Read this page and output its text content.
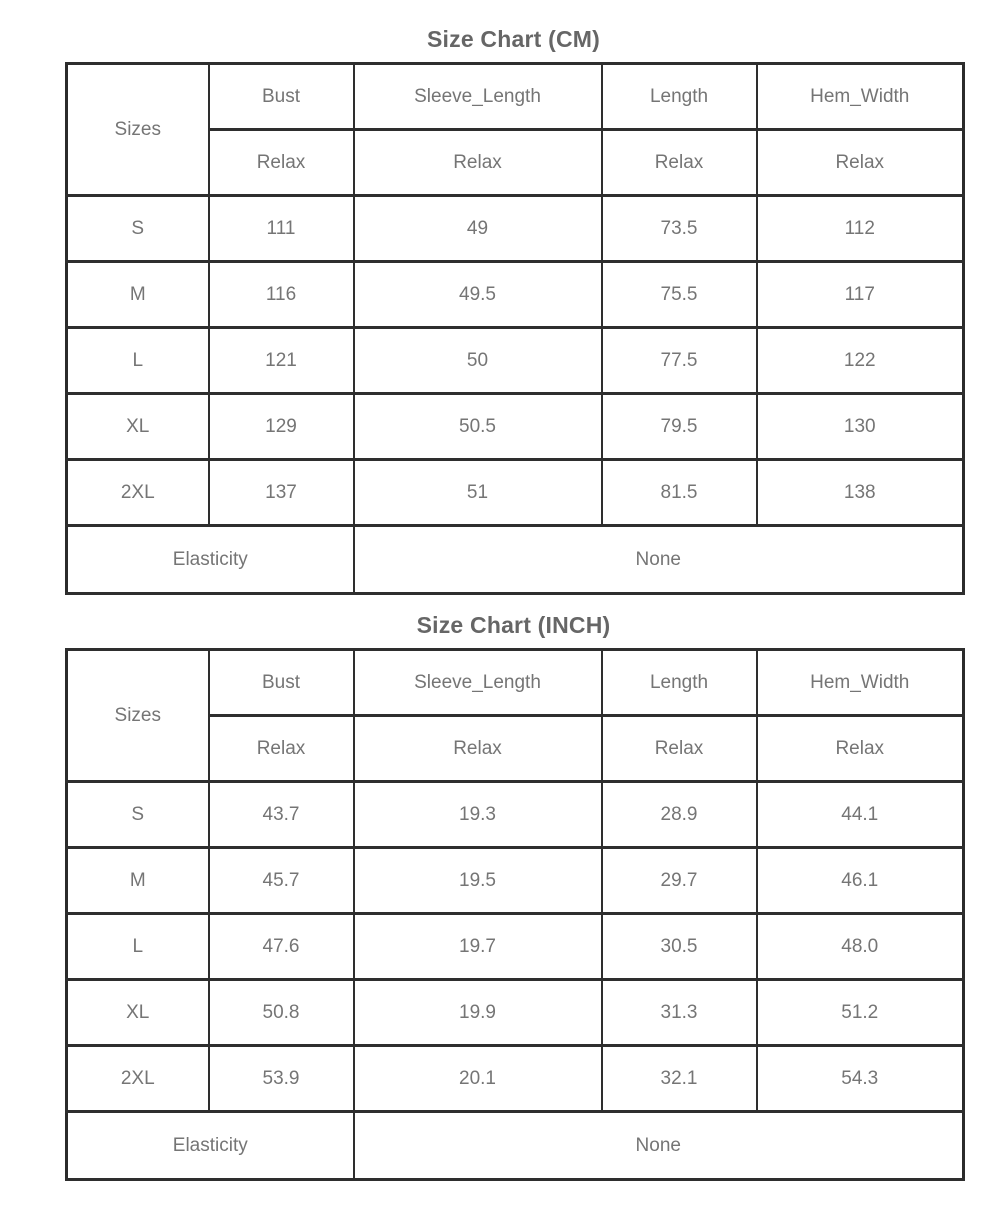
Size Chart (CM)
Sizes	Bust	Sleeve_Length	Length	Hem_Width
	Relax	Relax	Relax	Relax
S	111	49	73.5	112
M	116	49.5	75.5	117
L	121	50	77.5	122
XL	129	50.5	79.5	130
2XL	137	51	81.5	138
Elasticity		None		
Size Chart (INCH)
Sizes	Bust	Sleeve_Length	Length	Hem_Width
	Relax	Relax	Relax	Relax
S	43.7	19.3	28.9	44.1
M	45.7	19.5	29.7	46.1
L	47.6	19.7	30.5	48.0
XL	50.8	19.9	31.3	51.2
2XL	53.9	20.1	32.1	54.3
Elasticity		None		
